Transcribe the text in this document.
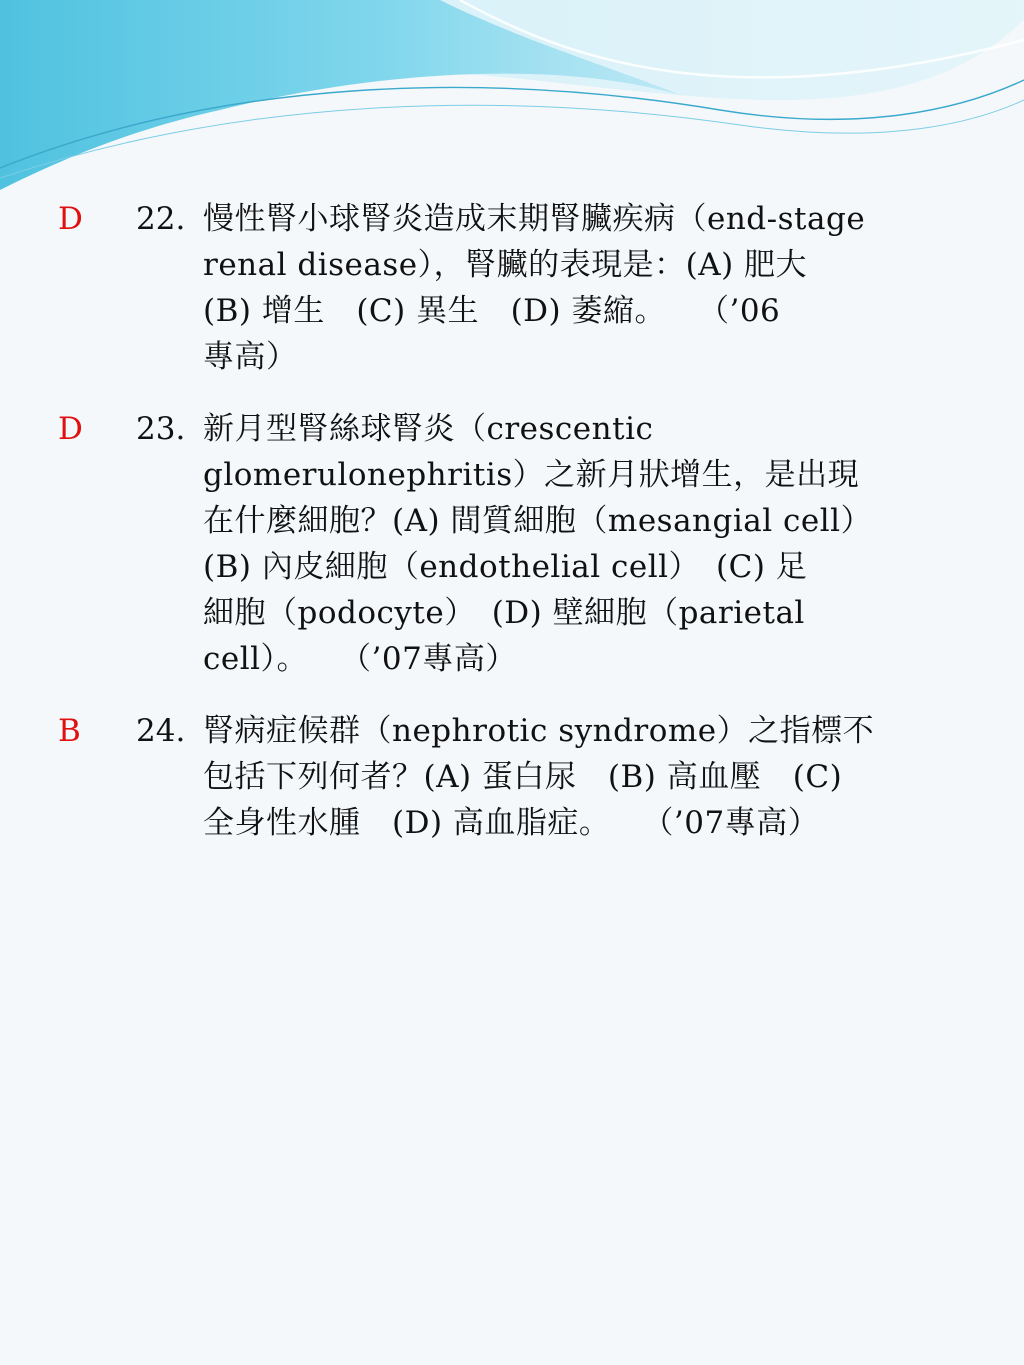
D	22. 慢性腎小球腎炎造成末期腎臟疾病（end-stage
renal disease），腎臟的表現是：(A) 肥大
(B) 增生　(C) 異生　(D) 萎縮。　　（’06
專高）
D	23. 新月型腎絲球腎炎（crescentic
glomerulonephritis）之新月狀增生，是出現
在什麼細胞？(A) 間質細胞（mesangial cell）
(B) 內皮細胞（endothelial cell）　(C) 足
細胞（podocyte）　(D) 壁細胞（parietal
cell）。　　（’07專高）
B	24. 腎病症候群（nephrotic syndrome）之指標不
包括下列何者？(A) 蛋白尿　(B) 高血壓　(C)
全身性水腫　(D) 高血脂症。　　（’07專高）
